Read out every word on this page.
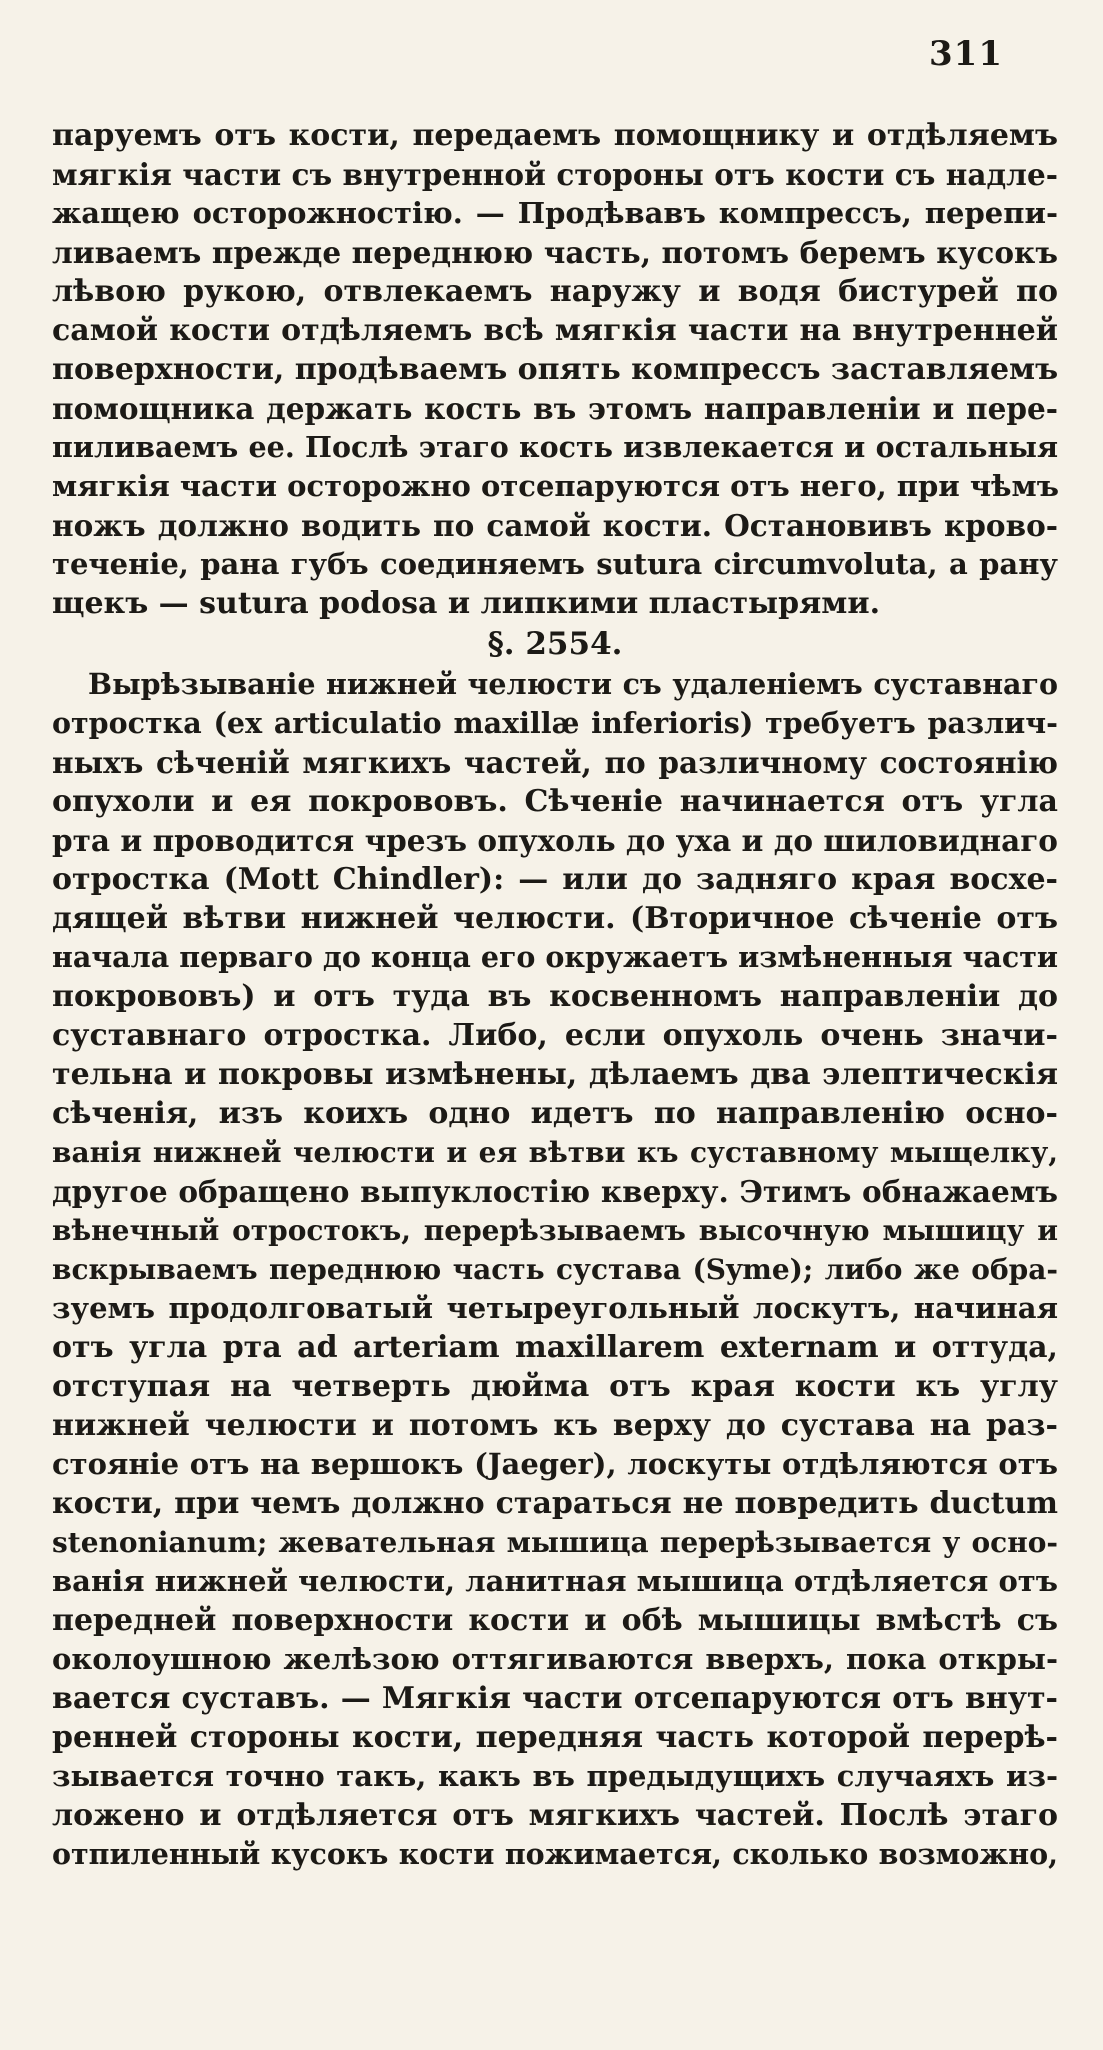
311
паруемъ отъ кости, передаемъ помощнику и отдѣляемъ
мягкія части съ внутренной стороны отъ кости съ надле-
жащею осторожностію. — Продѣвавъ компрессъ, перепи-
ливаемъ прежде переднюю часть, потомъ беремъ кусокъ
лѣвою рукою, отвлекаемъ наружу и водя бистурей по
самой кости отдѣляемъ всѣ мягкія части на внутренней
поверхности, продѣваемъ опять компрессъ заставляемъ
помощника держать кость въ этомъ направленіи и пере-
пиливаемъ ее. Послѣ этаго кость извлекается и остальныя
мягкія части осторожно отсепаруются отъ него, при чѣмъ
ножъ должно водить по самой кости. Остановивъ крово-
теченіе, рана губъ соединяемъ sutura circumvoluta, а рану
щекъ — sutura podosa и липкими пластырями.
§. 2554.
Вырѣзываніе нижней челюсти съ удаленіемъ суставнаго
отростка (ex articulatio maxillæ inferioris) требуетъ различ-
ныхъ сѣченій мягкихъ частей, по различному состоянію
опухоли и ея покрововъ. Сѣченіе начинается отъ угла
рта и проводится чрезъ опухоль до уха и до шиловиднаго
отростка (Mott Chindler): — или до задняго края восхе-
дящей вѣтви нижней челюсти. (Вторичное сѣченіе отъ
начала перваго до конца его окружаетъ измѣненныя части
покрововъ) и отъ туда въ косвенномъ направленіи до
суставнаго отростка. Либо, если опухоль очень значи-
тельна и покровы измѣнены, дѣлаемъ два элептическія
сѣченія, изъ коихъ одно идетъ по направленію осно-
ванія нижней челюсти и ея вѣтви къ суставному мыщелку,
другое обращено выпуклостію кверху. Этимъ обнажаемъ
вѣнечный отростокъ, перерѣзываемъ высочную мышицу и
вскрываемъ переднюю часть сустава (Syme); либо же обра-
зуемъ продолговатый четыреугольный лоскутъ, начиная
отъ угла рта ad arteriam maxillarem externam и оттуда,
отступая на четверть дюйма отъ края кости къ углу
нижней челюсти и потомъ къ верху до сустава на раз-
стояніе отъ на вершокъ (Jaeger), лоскуты отдѣляются отъ
кости, при чемъ должно стараться не повредить ductum
stenonianum; жевательная мышица перерѣзывается у осно-
ванія нижней челюсти, ланитная мышица отдѣляется отъ
передней поверхности кости и обѣ мышицы вмѣстѣ съ
околоушною желѣзою оттягиваются вверхъ, пока откры-
вается суставъ. — Мягкія части отсепаруются отъ внут-
ренней стороны кости, передняя часть которой перерѣ-
зывается точно такъ, какъ въ предыдущихъ случаяхъ из-
ложено и отдѣляется отъ мягкихъ частей. Послѣ этаго
отпиленный кусокъ кости пожимается, сколько возможно,
